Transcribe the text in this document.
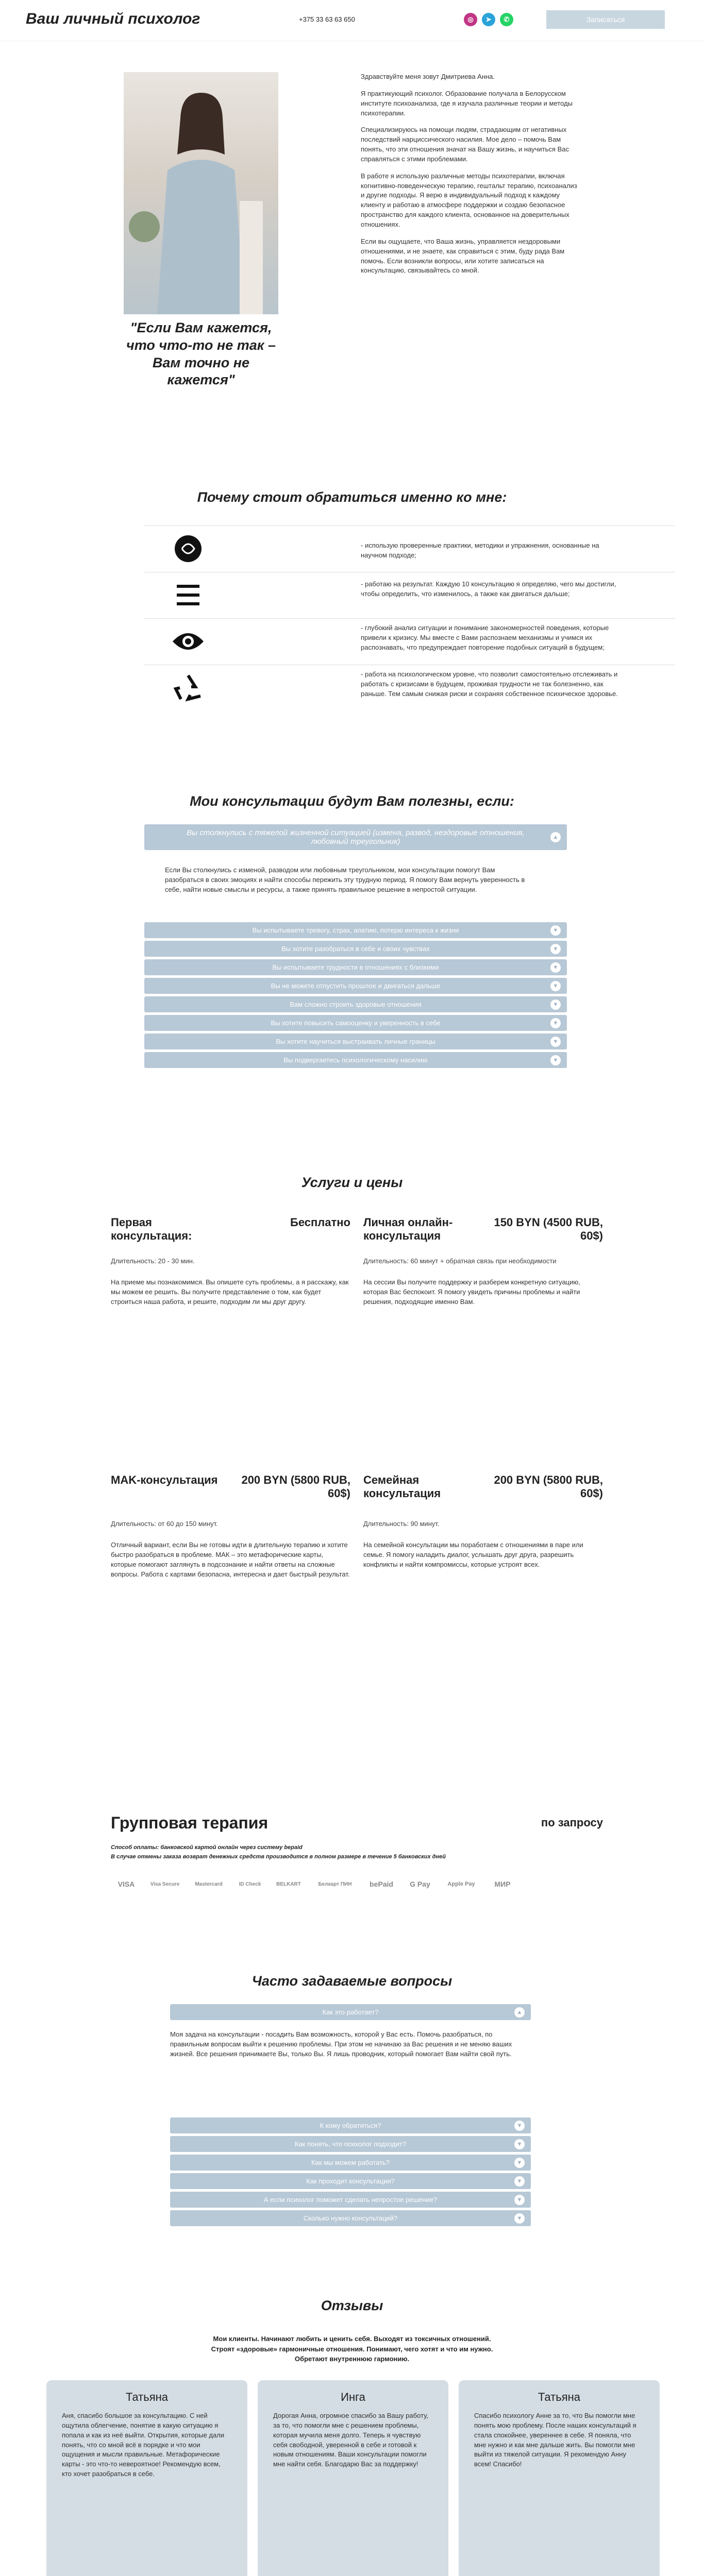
Ваш личный психолог	+375 33 63 63 650	◎	➤	✆	Записаться
"Если Вам кажется, что что-то не так – Вам точно не кажется"

Здравствуйте меня зовут Дмитриева Анна.

Я практикующий психолог. Образование получала в Белорусском институте психоанализа, где я изучала различные теории и методы психотерапии.

Специализируюсь на помощи людям, страдающим от негативных последствий нарциссического насилия. Мое дело – помочь Вам понять, что эти отношения значат на Вашу жизнь, и научиться Вас справляться с этими проблемами.

В работе я использую различные методы психотерапии, включая когнитивно-поведенческую терапию, гештальт терапию, психоанализ и другие подходы. Я верю в индивидуальный подход к каждому клиенту и работаю в атмосфере поддержки и создаю безопасное пространство для каждого клиента, основанное на доверительных отношениях.

Если вы ощущаете, что Ваша жизнь, управляется нездоровыми отношениями, и не знаете, как справиться с этим, буду рада Вам помочь. Если возникли вопросы, или хотите записаться на консультацию, связывайтесь со мной.

Почему стоит обратиться именно ко мне:
- использую проверенные практики, методики и упражнения, основанные на научном подходе;
- работаю на результат. Каждую 10 консультацию я определяю, чего мы достигли, чтобы определить, что изменилось, а также как двигаться дальше;
- глубокий анализ ситуации и понимание закономерностей поведения, которые привели к кризису. Мы вместе с Вами распознаем механизмы и учимся их распознавать, что предупреждает повторение подобных ситуаций в будущем;
- работа на психологическом уровне, что позволит самостоятельно отслеживать и работать с кризисами в будущем, проживая трудности не так болезненно, как раньше. Тем самым снижая риски и сохраняя собственное психическое здоровье.
Мои консультации будут Вам полезны, если:
Вы столкнулись с тяжелой жизненной ситуацией (измена, развод, нездоровые отношения, любовный треугольник)	▲
Если Вы столкнулись с изменой, разводом или любовным треугольником, мои консультации помогут Вам разобраться в своих эмоциях и найти способы пережить эту трудную период. Я помогу Вам вернуть уверенность в себе, найти новые смыслы и ресурсы, а также принять правильное решение в непростой ситуации.
Вы испытываете тревогу, страх, апатию, потерю интереса к жизни	▼
Вы хотите разобраться в себе и своих чувствах	▼
Вы испытываете трудности в отношениях с близкими	▼
Вы не можете отпустить прошлое и двигаться дальше	▼
Вам сложно строить здоровые отношения	▼
Вы хотите повысить самооценку и уверенность в себе	▼
Вы хотите научиться выстраивать личные границы	▼
Вы подвергаетесь психологическому насилию	▼
Услуги и цены
Первая консультация:
Бесплатно
Длительность: 20 - 30 мин.
На приеме мы познакомимся. Вы опишете суть проблемы, а я расскажу, как мы можем ее решить. Вы получите представление о том, как будет строиться наша работа, и решите, подходим ли мы друг другу.
Личная онлайн-консультация
150 BYN (4500 RUB, 60$)
Длительность: 60 минут + обратная связь при необходимости
На сессии Вы получите поддержку и разберем конкретную ситуацию, которая Вас беспокоит. Я помогу увидеть причины проблемы и найти решения, подходящие именно Вам.
MAK-консультация	200 BYN (5800 RUB, 60$)
Длительность: от 60 до 150 минут.
Отличный вариант, если Вы не готовы идти в длительную терапию и хотите быстро разобраться в проблеме. МАК – это метафорические карты, которые помогают заглянуть в подсознание и найти ответы на сложные вопросы. Работа с картами безопасна, интересна и дает быстрый результат.
Семейная консультация
200 BYN (5800 RUB, 60$)
Длительность: 90 минут.
На семейной консультации мы поработаем с отношениями в паре или семье. Я помогу наладить диалог, услышать друг друга, разрешить конфликты и найти компромиссы, которые устроят всех.
Групповая терапия	по запросу
Способ оплаты: банковской картой онлайн через систему bepaid
В случае отмены заказа возврат денежных средств производится в полном размере в течение 5 банковских дней
VISA	Visa Secure	Mastercard	ID Check	BELKART	Белкарт ПИН	bePaid	G Pay	Apple Pay	МИР
Часто задаваемые вопросы
Как это работает?	▲
Моя задача на консультации - посадить Вам возможность, которой у Вас есть. Помочь разобраться, по правильным вопросам выйти к решению проблемы. При этом не начинаю за Вас решения и не меняю ваших жизней. Все решения принимаете Вы, только Вы. Я лишь проводник, который помогает Вам найти свой путь.
К кому обратиться?	▼
Как понять, что психолог подходит?	▼
Как мы можем работать?	▼
Как проходит консультация?	▼
А если психолог поможет сделать непростое решение?	▼
Сколько нужно консультаций?	▼
Отзывы
Мои клиенты. Начинают любить и ценить себя. Выходят из токсичных отношений. Строят «здоровые» гармоничные отношения. Понимают, чего хотят и что им нужно. Обретают внутреннюю гармонию.
Татьяна
Аня, спасибо большое за консультацию. С ней ощутила облегчение, понятие в какую ситуацию я попала и как из неё выйти. Открытия, которые дали понять, что со мной всё в порядке и что мои ощущения и мысли правильные. Метафорические карты - это что-то невероятное! Рекомендую всем, кто хочет разобраться в себе.
Инга
Дорогая Анна, огромное спасибо за Вашу работу, за то, что помогли мне с решением проблемы, которая мучила меня долго. Теперь я чувствую себя свободной, уверенной в себе и готовой к новым отношениям. Ваши консультации помогли мне найти себя. Благодарю Вас за поддержку!
Татьяна
Спасибо психологу Анне за то, что Вы помогли мне понять мою проблему. После наших консультаций я стала спокойнее, увереннее в себе. Я поняла, что мне нужно и как мне дальше жить. Вы помогли мне выйти из тяжелой ситуации. Я рекомендую Анну всем! Спасибо!
